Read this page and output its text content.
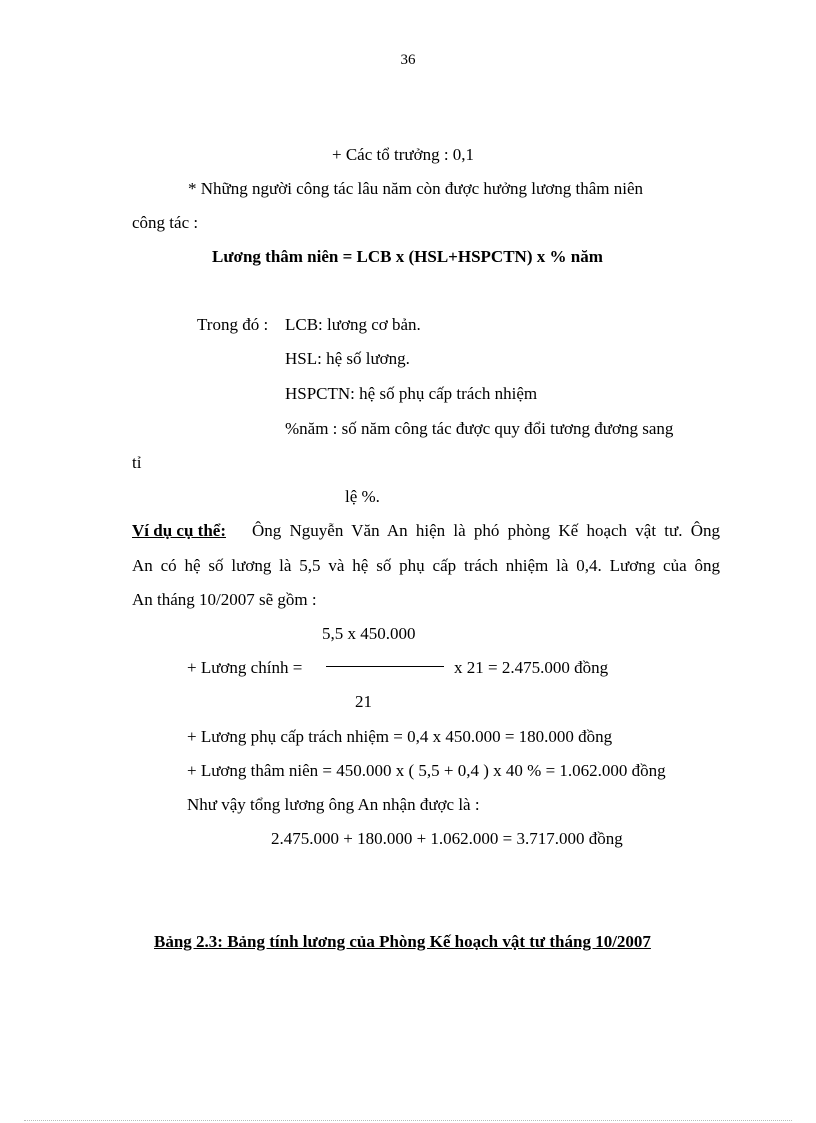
36
+ Các tổ trưởng : 0,1
* Những người công tác lâu năm còn được hưởng lương thâm niên
công tác :
Lương thâm niên = LCB x (HSL+HSPCTN) x % năm
Trong đó : LCB: lương cơ bản.
HSL: hệ số lương.
HSPCTN: hệ số phụ cấp trách nhiệm
%năm : số năm công tác được quy đổi tương đương sang
tỉ
lệ %.
Ví dụ cụ thể: Ông Nguyễn Văn An hiện là phó phòng Kế hoạch vật tư. Ông
An có hệ số lương là 5,5 và hệ số phụ cấp trách nhiệm là 0,4. Lương của ông
An tháng 10/2007 sẽ gồm :
5,5 x 450.000
+ Lương chính =	x 21 = 2.475.000 đồng
21
+ Lương phụ cấp trách nhiệm = 0,4 x 450.000 = 180.000 đồng
+ Lương thâm niên = 450.000 x ( 5,5 + 0,4 ) x 40 % = 1.062.000 đồng
Như vậy tổng lương ông An nhận được là :
2.475.000 + 180.000 + 1.062.000 = 3.717.000 đồng
Bảng 2.3: Bảng tính lương của Phòng Kế hoạch vật tư tháng 10/2007
